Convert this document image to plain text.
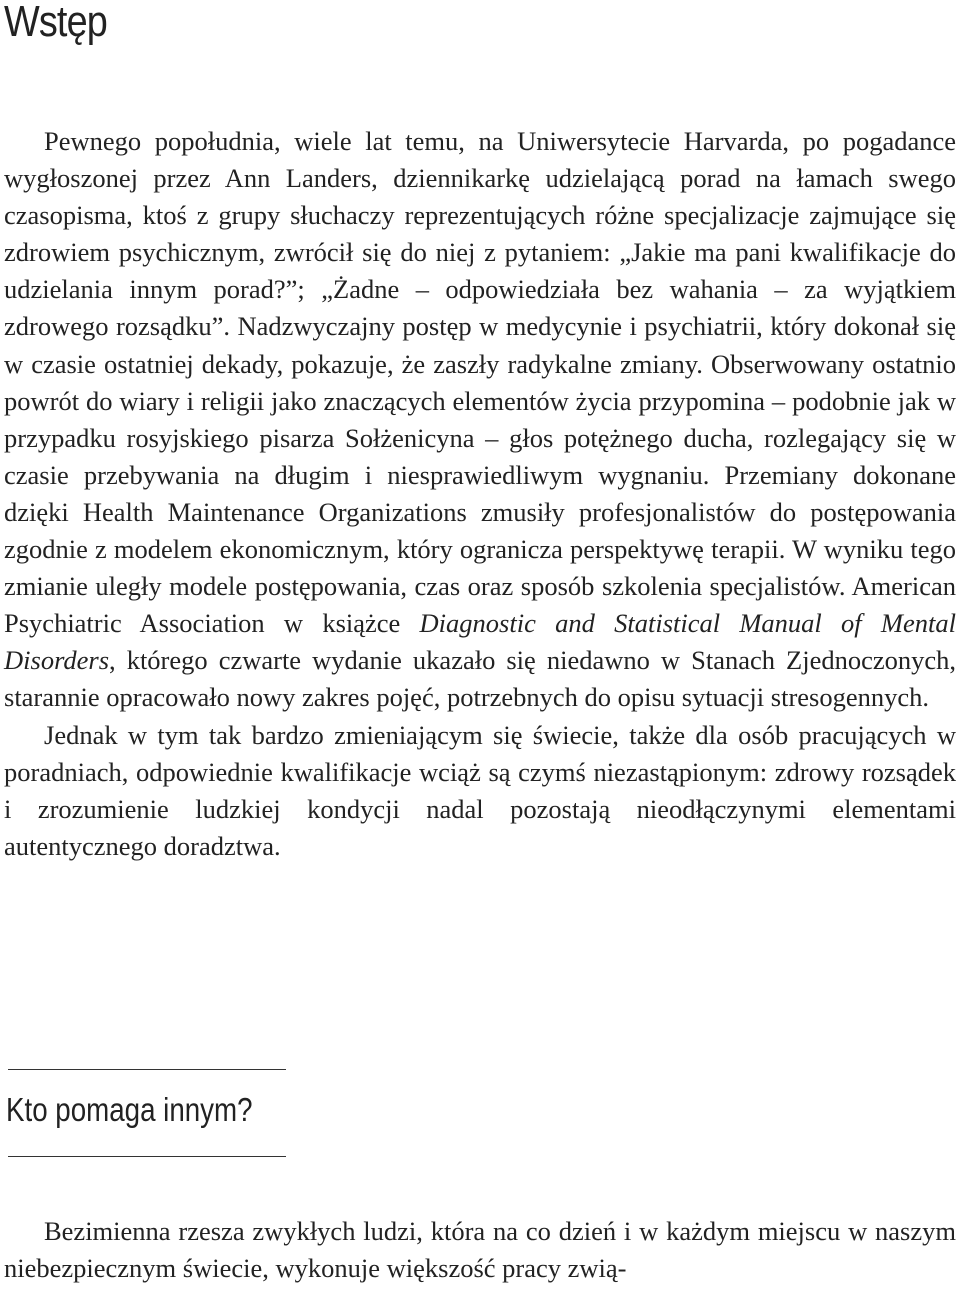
Wstęp

Pewnego popołudnia, wiele lat temu, na Uniwersytecie Harvarda, po pogadance wygłoszonej przez Ann Landers, dziennikarkę udzielającą porad na łamach swego czasopisma, ktoś z grupy słuchaczy reprezentujących różne specjalizacje zajmujące się zdrowiem psychicznym, zwrócił się do niej z pytaniem: „Jakie ma pani kwalifikacje do udzielania innym porad?”; „Żadne – odpowiedziała bez wahania – za wyjątkiem zdrowego rozsądku”. Nadzwyczajny postęp w medycynie i psychiatrii, który dokonał się w czasie ostatniej dekady, pokazuje, że zaszły radykalne zmiany. Obserwowany ostatnio powrót do wiary i religii jako znaczących elementów życia przypomina – podobnie jak w przypadku rosyjskiego pisarza Sołżenicyna – głos potężnego ducha, rozlegający się w czasie przebywania na długim i niesprawiedliwym wygnaniu. Przemiany dokonane dzięki Health Maintenance Organizations zmusiły profesjonalistów do postępowania zgodnie z modelem ekonomicznym, który ogranicza perspektywę terapii. W wyniku tego zmianie uległy modele postępowania, czas oraz sposób szkolenia specjalistów. American Psychiatric Association w książce Diagnostic and Statistical Manual of Mental Disorders, którego czwarte wydanie ukazało się niedawno w Stanach Zjednoczonych, starannie opracowało nowy zakres pojęć, potrzebnych do opisu sytuacji stresogennych.

Jednak w tym tak bardzo zmieniającym się świecie, także dla osób pracujących w poradniach, odpowiednie kwalifikacje wciąż są czymś niezastąpionym: zdrowy rozsądek i zrozumienie ludzkiej kondycji nadal pozostają nieodłączynymi elementami autentycznego doradztwa.

Kto pomaga innym?

Bezimienna rzesza zwykłych ludzi, która na co dzień i w każdym miejscu w naszym niebezpiecznym świecie, wykonuje większość pracy zwią-
